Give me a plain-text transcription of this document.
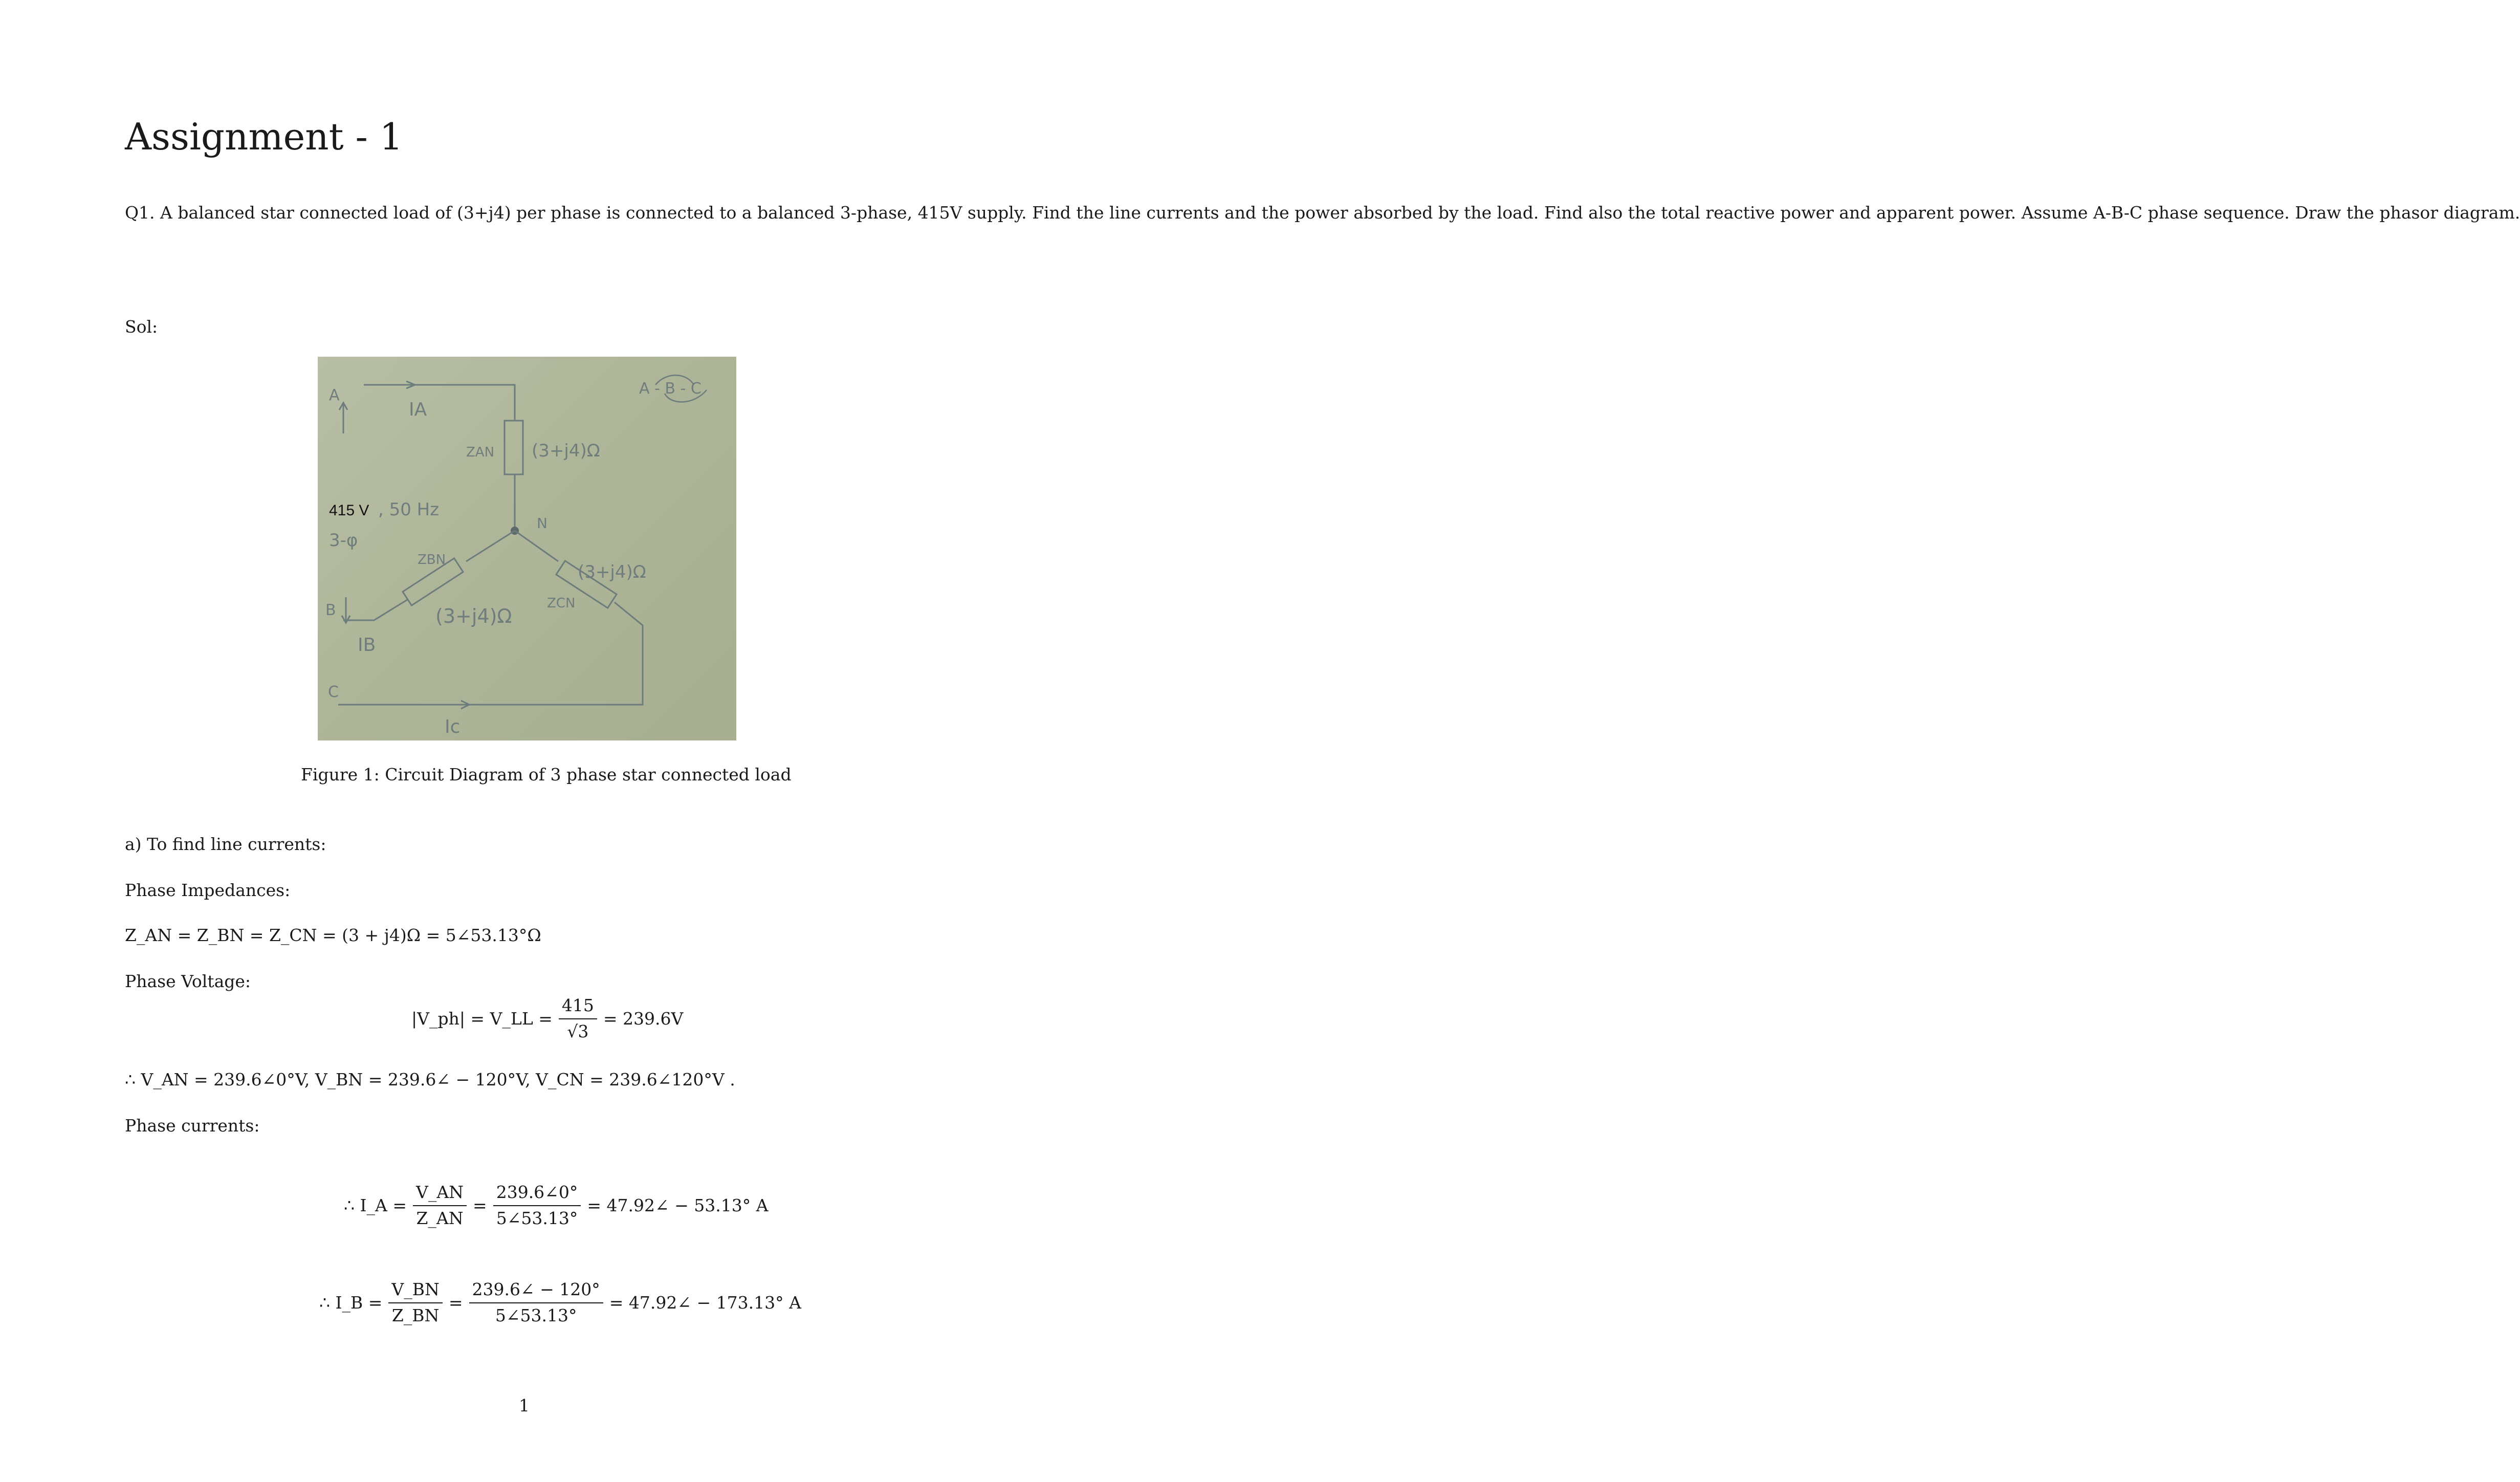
Assignment - 1
Q1. A balanced star connected load of (3+j4) per phase is connected to a balanced 3-phase, 415V supply. Find the line currents and the power absorbed by the load. Find also the total reactive power and apparent power. Assume A-B-C phase sequence. Draw the phasor diagram.
Sol:
A
IA
ZAN (3+j4)Ω
A - B - C
415 V , 50 Hz
3-φ
N
ZBN
(3+j4)Ω
ZCN
(3+j4)Ω
B
IB
C
Ic
Figure 1: Circuit Diagram of 3 phase star connected load
a) To find line currents:
Phase Impedances:
Z_AN = Z_BN = Z_CN = (3 + j4)Ω = 5∠53.13°Ω
Phase Voltage:
|V_ph| = V_LL = $\frac{415}{√3} = 239.6V$
∴ V_AN = 239.6∠0°V, V_BN = 239.6∠ − 120°V, V_CN = 239.6∠120°V .
Phase currents:
∴ I_A = $\frac{V\_AN}{Z\_AN} = \frac{239.6\angle 0^\circ}{5\angle 53.13^\circ}$ = 47.92∠ − 53.13° A
∴ I_B = $\frac{V\_BN}{Z\_BN} = \frac{239.6\angle - 120^\circ}{5\angle 53.13^\circ}$ = 47.92∠ − 173.13° A
1
